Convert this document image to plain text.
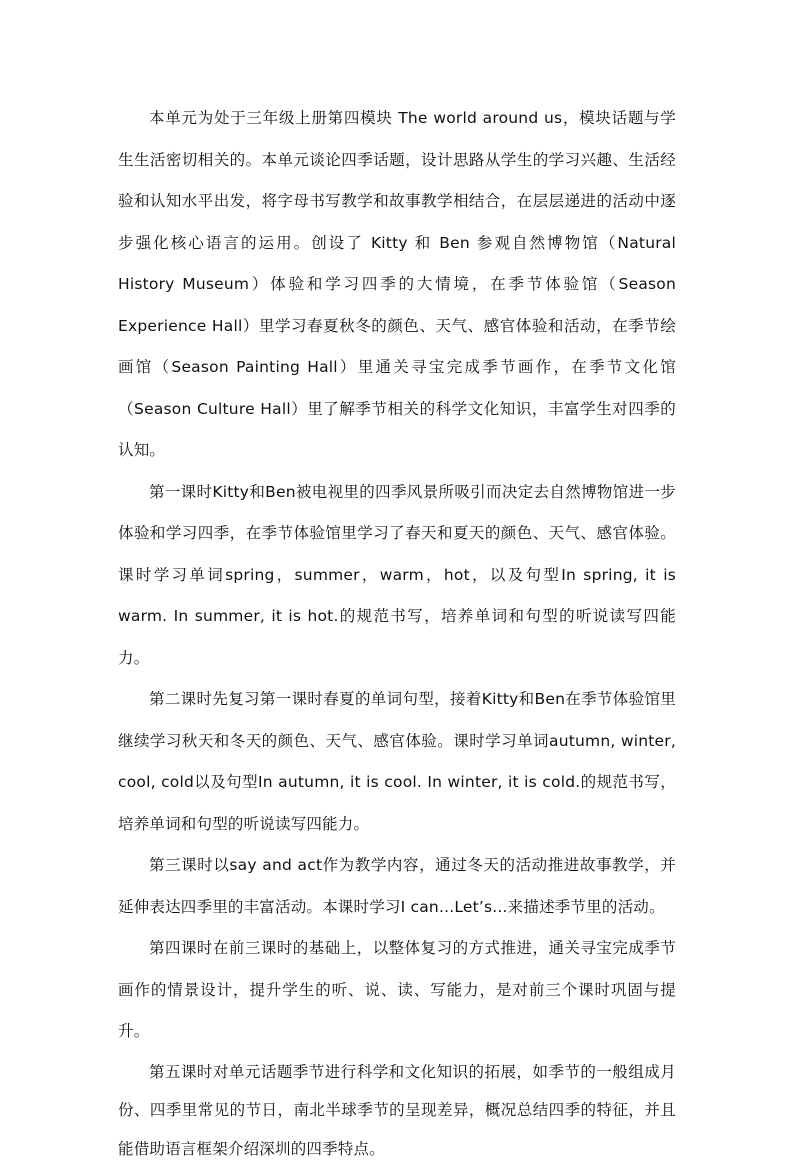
本单元为处于三年级上册第四模块 The world around us，模块话题与学生生活密切相关的。本单元谈论四季话题，设计思路从学生的学习兴趣、生活经验和认知水平出发，将字母书写教学和故事教学相结合，在层层递进的活动中逐步强化核心语言的运用。创设了 Kitty 和 Ben 参观自然博物馆（Natural History Museum）体验和学习四季的大情境，在季节体验馆（Season Experience Hall）里学习春夏秋冬的颜色、天气、感官体验和活动，在季节绘画馆（Season Painting Hall）里通关寻宝完成季节画作，在季节文化馆（Season Culture Hall）里了解季节相关的科学文化知识，丰富学生对四季的认知。

第一课时Kitty和Ben被电视里的四季风景所吸引而决定去自然博物馆进一步体验和学习四季，在季节体验馆里学习了春天和夏天的颜色、天气、感官体验。课时学习单词spring，summer，warm，hot，以及句型In spring, it is warm. In summer, it is hot.的规范书写，培养单词和句型的听说读写四能力。

第二课时先复习第一课时春夏的单词句型，接着Kitty和Ben在季节体验馆里继续学习秋天和冬天的颜色、天气、感官体验。课时学习单词autumn, winter, cool, cold以及句型In autumn, it is cool. In winter, it is cold.的规范书写，培养单词和句型的听说读写四能力。

第三课时以say and act作为教学内容，通过冬天的活动推进故事教学，并延伸表达四季里的丰富活动。本课时学习I can...Let’s...来描述季节里的活动。

第四课时在前三课时的基础上，以整体复习的方式推进，通关寻宝完成季节画作的情景设计，提升学生的听、说、读、写能力，是对前三个课时巩固与提升。

第五课时对单元话题季节进行科学和文化知识的拓展，如季节的一般组成月份、四季里常见的节日，南北半球季节的呈现差异，概况总结四季的特征，并且能借助语言框架介绍深圳的四季特点。
